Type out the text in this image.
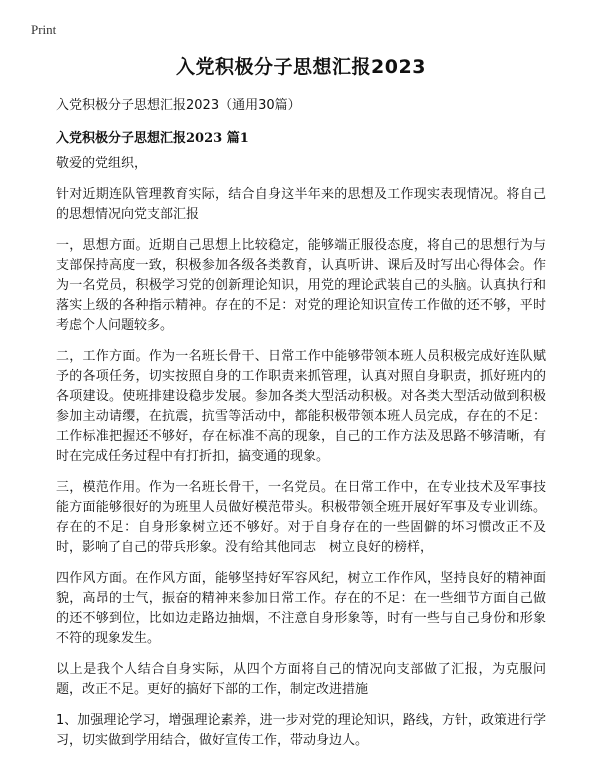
Print
入党积极分子思想汇报2023

入党积极分子思想汇报2023（通用30篇）

入党积极分子思想汇报2023 篇1

敬爱的党组织，

针对近期连队管理教育实际，结合自身这半年来的思想及工作现实表现情况。将自己的思想情况向党支部汇报

一，思想方面。近期自己思想上比较稳定，能够端正服役态度，将自己的思想行为与支部保持高度一致，积极参加各级各类教育，认真听讲、课后及时写出心得体会。作为一名党员，积极学习党的创新理论知识，用党的理论武装自己的头脑。认真执行和落实上级的各种指示精神。存在的不足：对党的理论知识宣传工作做的还不够，平时考虑个人问题较多。

二，工作方面。作为一名班长骨干、日常工作中能够带领本班人员积极完成好连队赋予的各项任务，切实按照自身的工作职责来抓管理，认真对照自身职责，抓好班内的各项建设。使班排建设稳步发展。参加各类大型活动积极。对各类大型活动做到积极参加主动请缨，在抗震，抗雪等活动中，都能积极带领本班人员完成，存在的不足：工作标准把握还不够好，存在标准不高的现象，自己的工作方法及思路不够清晰，有时在完成任务过程中有打折扣，搞变通的现象。

三，模范作用。作为一名班长骨干，一名党员。在日常工作中，在专业技术及军事技能方面能够很好的为班里人员做好模范带头。积极带领全班开展好军事及专业训练。存在的不足：自身形象树立还不够好。对于自身存在的一些固僻的坏习惯改正不及时，影响了自己的带兵形象。没有给其他同志　树立良好的榜样，

四作风方面。在作风方面，能够坚持好军容风纪，树立工作作风，坚持良好的精神面貌，高昂的士气，振奋的精神来参加日常工作。存在的不足：在一些细节方面自己做的还不够到位，比如边走路边抽烟，不注意自身形象等，时有一些与自己身份和形象不符的现象发生。

以上是我个人结合自身实际，从四个方面将自己的情况向支部做了汇报，为克服问题，改正不足。更好的搞好下部的工作，制定改进措施

1、加强理论学习，增强理论素养，进一步对党的理论知识，路线，方针，政策进行学习，切实做到学用结合，做好宣传工作，带动身边人。
